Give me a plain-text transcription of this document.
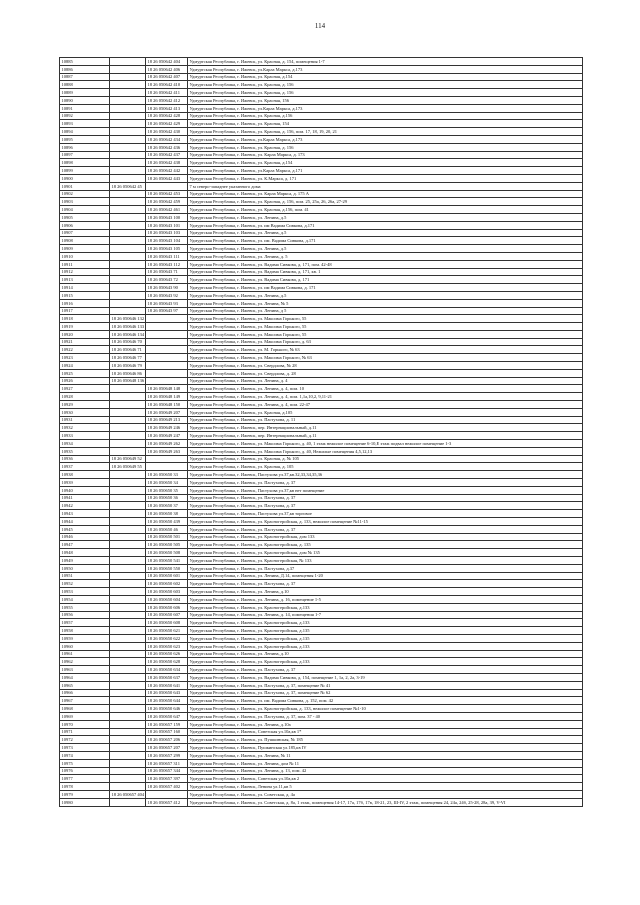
114
10885		18 26 050642 404	Удмуртская Республика, г. Ижевск, ул. Красная, д. 154, помещения 1-7
10886		18 26 050642 406	Удмуртская Республика, г. Ижевск, ул.Карла Маркса, д.173
10887		18 26 050642 407	Удмуртская Республика, г. Ижевск, ул. Красная, д.154
10888		18 26 050642 410	Удмуртская Республика, г. Ижевск, ул. Красная, д. 156
10889		18 26 050642 411	Удмуртская Республика, г. Ижевск, ул. Красная, д. 156
10890		18 26 050642 412	Удмуртская Республика, г. Ижевск, ул. Красная, 156
10891		18 26 050642 413	Удмуртская Республика, г. Ижевск, ул.Карла Маркса, д.173
10892		18 26 050642 428	Удмуртская Республика, г. Ижевск, ул. Красная, д.156
10893		18 26 050642 429	Удмуртская Республика, г. Ижевск, ул. Красная, 154
10894		18 26 050642 430	Удмуртская Республика, г. Ижевск, ул. Красная, д. 156, пом. 17, 18, 19, 20, 21
10895		18 26 050642 434	Удмуртская Республика, г. Ижевск, ул.Карла Маркса, д.173
10896		18 26 050642 436	Удмуртская Республика, г. Ижевск, ул. Красная, д. 156
10897		18 26 050642 437	Удмуртская Республика, г. Ижевск, ул. Карла Маркса, д. 173
10898		18 26 050642 438	Удмуртская Республика, г. Ижевск, ул. Красная, д.154
10899		18 26 050642 442	Удмуртская Республика, г. Ижевск, ул.Карла Маркса, д.171
10900		18 26 050642 443	Удмуртская Республика, г. Ижевск, ул. К.Маркса, д. 171
10901	18 26 050642 45		7 м северо-западнее указанного дома
10902		18 26 050642 453	Удмуртская Республика, г. Ижевск, ул. Карла Маркса, д. 175 А
10903		18 26 050642 459	Удмуртская Республика, г. Ижевск, ул. Красная, д. 156, пом. 25, 25а, 26, 26а, 27-29
10904		18 26 050642 461	Удмуртская Республика, г. Ижевск, ул. Красная, д.156, пом. 41
10905		18 26 050643 100	Удмуртская Республика, г. Ижевск, ул. Ленина, д.5
10906		18 26 050643 101	Удмуртская Республика, г. Ижевск, ул. им Вадима Сивкова, д.171
10907		18 26 050643 103	Удмуртская Республика, г. Ижевск, ул. Ленина, д.5
10908		18 26 050643 104	Удмуртская Республика, г. Ижевск, ул. им. Вадима Сивкова, д.171
10909		18 26 050643 105	Удмуртская Республика, г. Ижевск, ул. Ленина, д.5
10910		18 26 050643 111	Удмуртская Республика, г. Ижевск, ул. Ленина, д. 5
10911		18 26 050643 112	Удмуртская Республика, г. Ижевск, ул. Вадима Сивкова, д. 171, пом. 42-48
10912		18 26 050643 71	Удмуртская Республика, г. Ижевск, ул. Вадима Сивкова, д. 171, кв. 1
10913		18 26 050643 72	Удмуртская Республика, г. Ижевск, ул. Вадима Сивкова, д. 171
10914		18 26 050643 90	Удмуртская Республика, г. Ижевск, ул. им Вадима Сивкова, д. 171
10915		18 26 050643 92	Удмуртская Республика, г. Ижевск, ул. Ленина, д.5
10916		18 26 050643 93	Удмуртская Республика, г. Ижевск, ул. Ленина, № 5
10917		18 26 050643 97	Удмуртская Республика, г. Ижевск, ул. Ленина, д 5
10918	18 26 050646 132		Удмуртская Республика, г. Ижевск, ул. Максима Горького, 55
10919	18 26 050646 133		Удмуртская Республика, г. Ижевск, ул. Максима Горького, 55
10920	18 26 050646 134		Удмуртская Республика, г. Ижевск, ул. Максима Горького, 55
10921	18 26 050646 70		Удмуртская Республика, г. Ижевск, ул. Максима Горького, д. 63
10922	18 26 050646 71		Удмуртская Республика, г. Ижевск, ул. М. Горького, № 63
10923	18 26 050646 77		Удмуртская Республика, г. Ижевск, ул. Максима Горького, № 63
10924	18 26 050646 79		Удмуртская Республика, г. Ижевск, ул. Свердлова, № 28
10925	18 26 050646 86		Удмуртская Республика, г. Ижевск, ул. Свердлова, д. 28
10926	18 26 050648 136		Удмуртская Республика, г. Ижевск, ул. Ленина, д. 4
10927		18 26 050648 148	Удмуртская Республика, г. Ижевск, ул. Ленина, д. 4, пом. 10
10928		18 26 050648 149	Удмуртская Республика, г. Ижевск, ул. Ленина, д. 4, пом. 1,1а,10,2, 9,11-21
10929		18 26 050648 150	Удмуртская Республика, г. Ижевск, ул. Ленина, д. 4, пом. 22-47
10930		18 26 050649 207	Удмуртская Республика, г. Ижевск, ул. Красная, д.105
10931		18 26 050649 213	Удмуртская Республика, г. Ижевск, ул. Пастухова, д. 11
10932		18 26 050649 246	Удмуртская Республика, г. Ижевск, пер. Интернациональный, д.11
10933		18 26 050649 247	Удмуртская Республика, г. Ижевск, пер. Интернациональный, д.11
10934		18 26 050649 262	Удмуртская Республика, г. Ижевск, ул. Максима Горького, д. 40, 1 этаж нежилое помещение 6-10,Е этаж подвал нежилое помещение 1-3
10935		18 26 050649 263	Удмуртская Республика, г. Ижевск, ул. Максима Горького, д. 40, Нежилые помещения 4,5,12,13
10936	18 26 050649 52		Удмуртская Республика, г. Ижевск, ул. Красная, д. № 105
10937	18 26 050649 55		Удмуртская Республика, г. Ижевск, ул. Красная, д. 105
10938		18 26 050650 33	Удмуртская Республика, г. Ижевск, Пастухова ул.37,кв.32,33,34,35,36
10939		18 26 050650 34	Удмуртская Республика, г. Ижевск, ул. Пастухова, д. 37
10940		18 26 050650 35	Удмуртская Республика, г. Ижевск, Пастухова ул.37,кв нет помещение
10941		18 26 050650 36	Удмуртская Республика, г. Ижевск, ул. Пастухова, д. 37
10942		18 26 050650 37	Удмуртская Республика, г. Ижевск, ул. Пастухова, д. 37
10943		18 26 050650 38	Удмуртская Республика, г. Ижевск, Пастухова ул.37,кв торговое
10944		18 26 050650 439	Удмуртская Республика, г. Ижевск, ул. Красногеройская, д. 133, нежилое помещение №11-15
10945		18 26 050650 46	Удмуртская Республика, г. Ижевск, ул. Пастухова, д. 37
10946		18 26 050650 501	Удмуртская Республика, г. Ижевск, ул. Красногеройская, дом 133
10947		18 26 050650 505	Удмуртская Республика, г. Ижевск, ул. Красногеройская, д. 135
10948		18 26 050650 508	Удмуртская Республика, г. Ижевск, ул. Красногеройская, дом № 135
10949		18 26 050650 541	Удмуртская Республика, г. Ижевск, ул. Красногеройская, № 133
10950		18 26 050650 550	Удмуртская Республика, г. Ижевск, ул. Пастухова, д.37
10951		18 26 050650 601	Удмуртская Республика, г. Ижевск, ул. Ленина, Д.14, помещения 1-20
10952		18 26 050650 602	Удмуртская Республика, г. Ижевск, ул. Пастухова, д. 37
10953		18 26 050650 603	Удмуртская Республика, г. Ижевск, ул. Ленина, д.10
10954		18 26 050650 604	Удмуртская Республика, г. Ижевск, ул. Ленина, д. 16, помещение 1-5
10955		18 26 050650 606	Удмуртская Республика, г. Ижевск, ул. Красногеройская, д.133
10956		18 26 050650 607	Удмуртская Республика, г. Ижевск, ул. Ленина, д. 14, помещения 1-7
10957		18 26 050650 608	Удмуртская Республика, г. Ижевск, ул. Красногеройская, д.133
10958		18 26 050650 621	Удмуртская Республика, г. Ижевск, ул. Красногеройская, д.135
10959		18 26 050650 622	Удмуртская Республика, г. Ижевск, ул. Красногеройская, д.135
10960		18 26 050650 623	Удмуртская Республика, г. Ижевск, ул. Красногеройская, д.133
10961		18 26 050650 626	Удмуртская Республика, г. Ижевск, ул. Ленина, д.10
10962		18 26 050650 628	Удмуртская Республика, г. Ижевск, ул. Красногеройская, д.133
10963		18 26 050650 634	Удмуртская Республика, г. Ижевск, ул. Пастухова, д. 37
10964		18 26 050650 637	Удмуртская Республика, г. Ижевск, ул. Вадима Сивкова, д. 154, помещение 1, 1а, 2, 2а, 3-19
10965		18 26 050650 641	Удмуртская Республика, г. Ижевск, ул. Пастухова, д. 37, помещение № 41
10966		18 26 050650 643	Удмуртская Республика, г. Ижевск, ул. Пастухова, д. 37, помещение № 62
10967		18 26 050650 644	Удмуртская Республика, г. Ижевск, ул. им. Вадима Сивкова, д. 152, пом. 42
10968		18 26 050650 646	Удмуртская Республика, г. Ижевск, ул. Красногеройская, д. 133, нежилое помещение №1-10
10969		18 26 050650 647	Удмуртская Республика, г. Ижевск, ул. Пастухова, д. 37, пом. 37 - 40
10970		18 26 050657 159	Удмуртская Республика, г. Ижевск, ул. Ленина, д.10а
10971		18 26 050657 160	Удмуртская Республика, г. Ижевск, Советская ул.10а,кв 1*
10972		18 26 050657 206	Удмуртская Республика, г. Ижевск, ул. Пушкинская, № 185
10973		18 26 050657 207	Удмуртская Республика, г. Ижевск, Пушкинская ул.185,кв IV
10974		18 26 050657 299	Удмуртская Республика, г. Ижевск, ул. Ленина, № 11
10975		18 26 050657 311	Удмуртская Республика, г. Ижевск, ул. Ленина, дом № 11
10976		18 26 050657 344	Удмуртская Республика, г. Ижевск, ул. Ленина, д. 13, пом. 42
10977		18 26 050657 397	Удмуртская Республика, г. Ижевск, Советская ул.10а,кв 2
10978		18 26 050657 402	Удмуртская Республика, г. Ижевск, Ленина ул.11,кв 5
10979	18 26 050657 404		Удмуртская Республика, г. Ижевск, ул. Советская, д. 4а
10980		18 26 050657 412	Удмуртская Республика, г. Ижевск, ул. Советская, д. 8а, 1 этаж, помещения 14-17, 17а, 17б, 17в, 18-21, 23, Ш-IV, 2 этаж, помещения 24, 24а, 24б, 25-28, 28а, 39, V-VI
